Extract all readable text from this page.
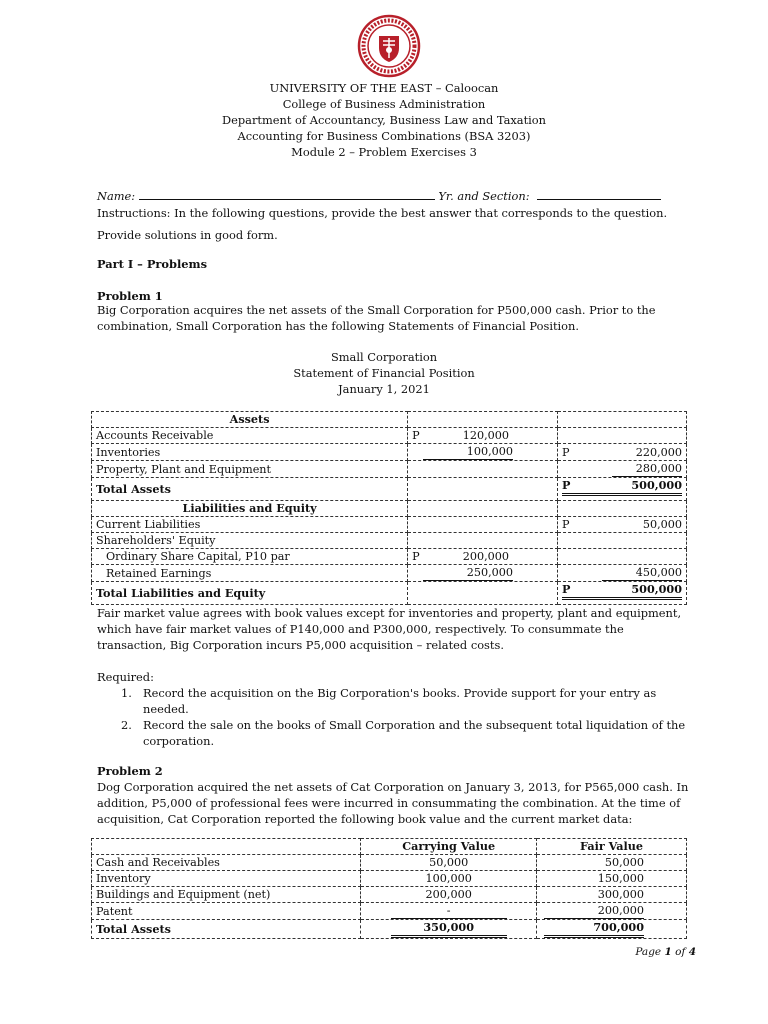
UNIVERSITY OF THE EAST – Caloocan
College of Business Administration
Department of Accountancy, Business Law and Taxation
Accounting for Business Combinations (BSA 3203)
Module 2 – Problem Exercises 3
Name:	Yr. and Section:
Instructions: In the following questions, provide the best answer that corresponds to the question.
Provide solutions in good form.
Part I – Problems
Problem 1
Big Corporation acquires the net assets of the Small Corporation for P500,000 cash. Prior to the
combination, Small Corporation has the following Statements of Financial Position.
Small Corporation
Statement of Financial Position
January 1, 2021
Assets		
Accounts Receivable	P 120,000	

Inventories	100,000	P 220,000

Property, Plant and Equipment		280,000
Total Assets		P 500,000

Liabilities and Equity		
Current Liabilities		P 50,000

Shareholders' Equity		
Ordinary Share Capital, P10 par	P 200,000	

Retained Earnings	250,000	450,000
Total Liabilities and Equity		P 500,000
Fair market value agrees with book values except for inventories and property, plant and equipment,
which have fair market values of P140,000 and P300,000, respectively. To consummate the
transaction, Big Corporation incurs P5,000 acquisition – related costs.
Required:
1. Record the acquisition on the Big Corporation's books. Provide support for your entry as
needed.
2. Record the sale on the books of Small Corporation and the subsequent total liquidation of the
corporation.
Problem 2
Dog Corporation acquired the net assets of Cat Corporation on January 3, 2013, for P565,000 cash. In
addition, P5,000 of professional fees were incurred in consummating the combination. At the time of
acquisition, Cat Corporation reported the following book value and the current market data:
	Carrying Value	Fair Value
Cash and Receivables	50,000	50,000
Inventory	100,000	150,000
Buildings and Equipment (net)	200,000	300,000
Patent	-	200,000
Total Assets	350,000	700,000
Page 1 of 4
